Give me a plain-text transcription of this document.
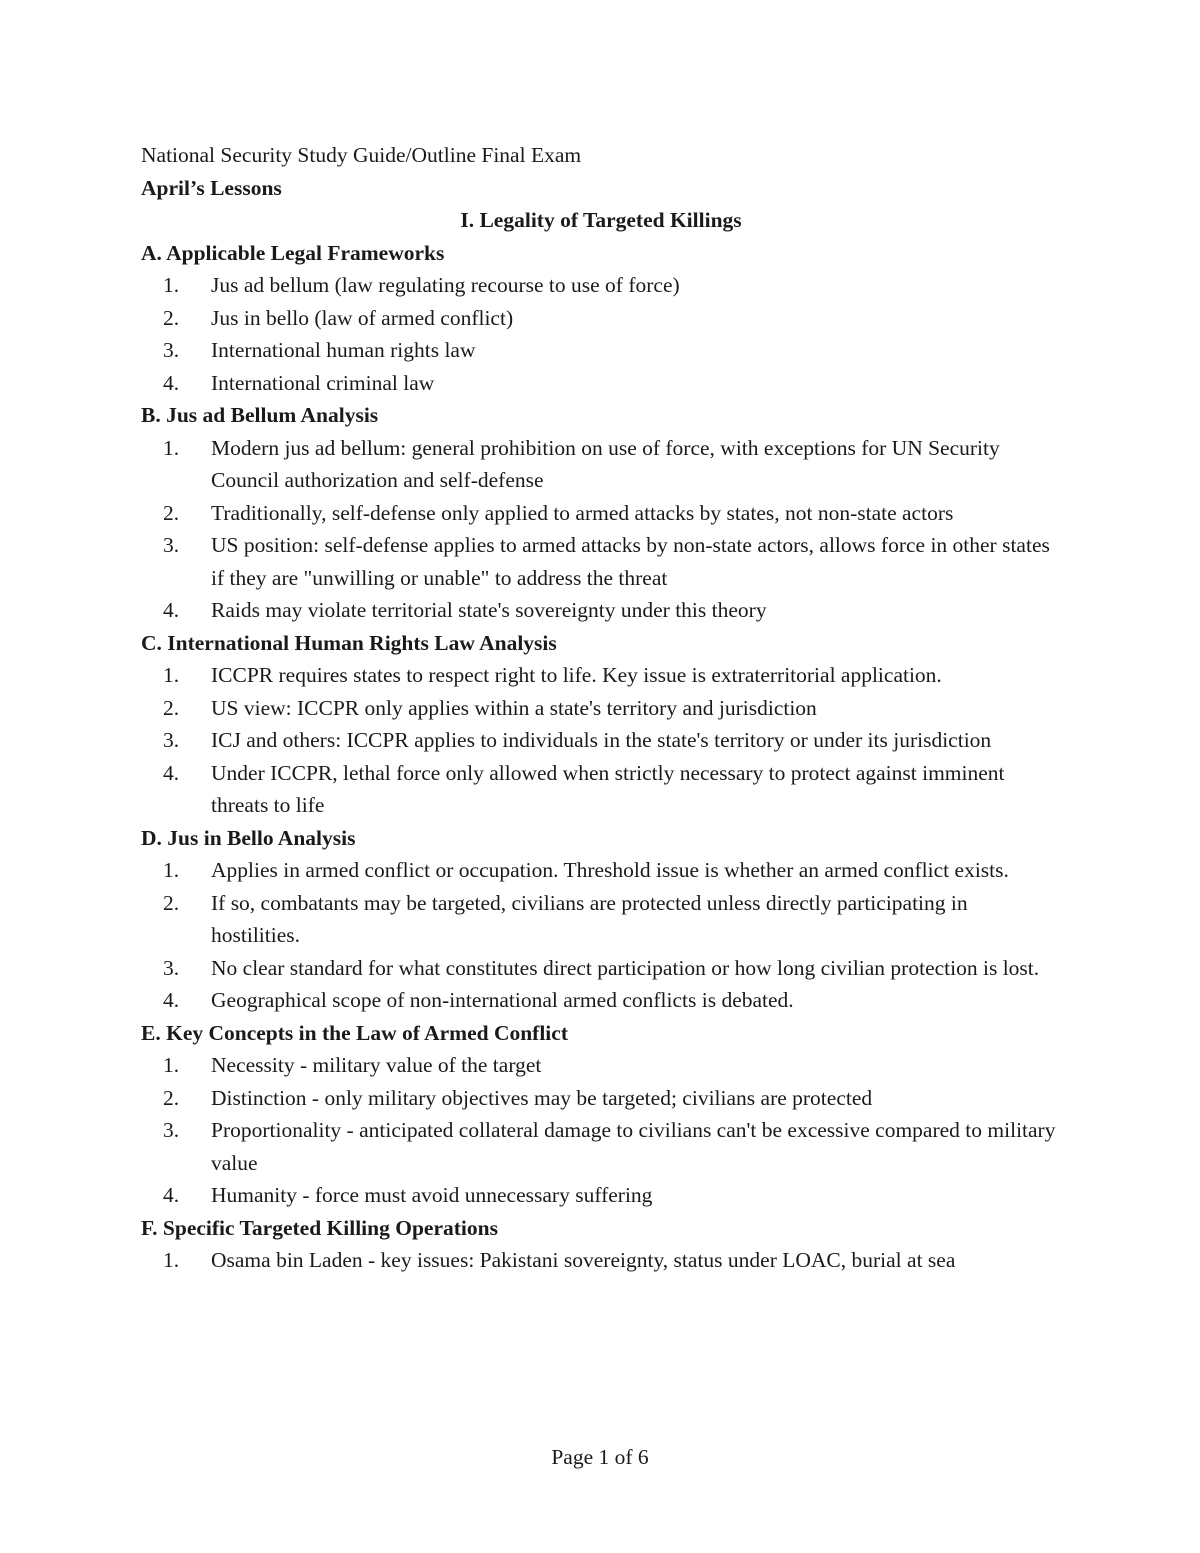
National Security Study Guide/Outline Final Exam

April’s Lessons

I. Legality of Targeted Killings

A. Applicable Legal Frameworks

1. Jus ad bellum (law regulating recourse to use of force)
2. Jus in bello (law of armed conflict)
3. International human rights law
4. International criminal law

B. Jus ad Bellum Analysis

1. Modern jus ad bellum: general prohibition on use of force, with exceptions for UN Security Council authorization and self-defense
2. Traditionally, self-defense only applied to armed attacks by states, not non-state actors
3. US position: self-defense applies to armed attacks by non-state actors, allows force in other states if they are "unwilling or unable" to address the threat
4. Raids may violate territorial state's sovereignty under this theory

C. International Human Rights Law Analysis

1. ICCPR requires states to respect right to life. Key issue is extraterritorial application.
2. US view: ICCPR only applies within a state's territory and jurisdiction
3. ICJ and others: ICCPR applies to individuals in the state's territory or under its jurisdiction
4. Under ICCPR, lethal force only allowed when strictly necessary to protect against imminent threats to life

D. Jus in Bello Analysis

1. Applies in armed conflict or occupation. Threshold issue is whether an armed conflict exists.
2. If so, combatants may be targeted, civilians are protected unless directly participating in hostilities.
3. No clear standard for what constitutes direct participation or how long civilian protection is lost.
4. Geographical scope of non-international armed conflicts is debated.

E. Key Concepts in the Law of Armed Conflict

1. Necessity - military value of the target
2. Distinction - only military objectives may be targeted; civilians are protected
3. Proportionality - anticipated collateral damage to civilians can't be excessive compared to military value
4. Humanity - force must avoid unnecessary suffering

F. Specific Targeted Killing Operations

1. Osama bin Laden - key issues: Pakistani sovereignty, status under LOAC, burial at sea
Page 1 of 6
